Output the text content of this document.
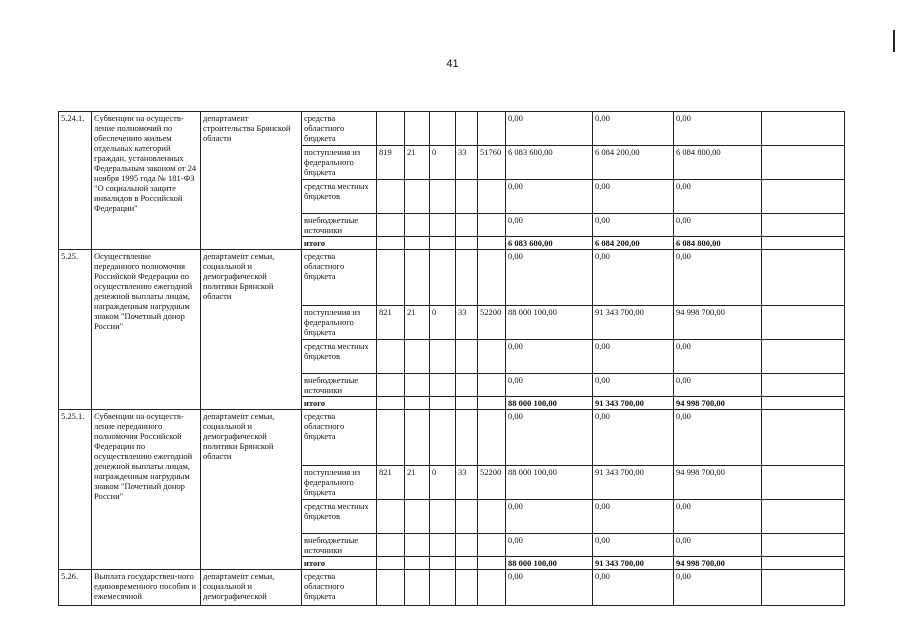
41
5.24.1.	Субвенции на осуществ-ление полномочий по обеспечению жильем отдельных категорий граждан, установленных Федеральным законом от 24 ноября 1995 года № 181-ФЗ "О социальной защите инвалидов в Российской Федерации"	департамент строительства Брянской области	средства областного бюджета						0,00	0,00	0,00	
			поступления из федерального бюджета	819	21	0	33	51760	6 083 600,00	6 084 200,00	6 084 800,00	
			средства местных бюджетов						0,00	0,00	0,00	
			внебюджетные источники						0,00	0,00	0,00	
			итого						6 083 600,00	6 084 200,00	6 084 800,00	
5.25.	Осуществление переданного полномочия Российской Федерации по осуществлению ежегодной денежной выплаты лицам, награжденным нагрудным знаком "Почетный донор России"	департамент семьи, социальной и демографической политики Брянской области	средства областного бюджета						0,00	0,00	0,00	
			поступления из федерального бюджета	821	21	0	33	52200	88 000 100,00	91 343 700,00	94 998 700,00	
			средства местных бюджетов						0,00	0,00	0,00	
			внебюджетные источники						0,00	0,00	0,00	
			итого						88 000 100,00	91 343 700,00	94 998 700,00	
5.25.1.	Субвенции на осуществ-ление переданного полномочия Российской Федерации по осуществлению ежегодной денежной выплаты лицам, награжденным нагрудным знаком "Почетный донор России"	департамент семьи, социальной и демографической политики Брянской области	средства областного бюджета						0,00	0,00	0,00	
			поступления из федерального бюджета	821	21	0	33	52200	88 000 100,00	91 343 700,00	94 998 700,00	
			средства местных бюджетов						0,00	0,00	0,00	
			внебюджетные источники						0,00	0,00	0,00	
			итого						88 000 100,00	91 343 700,00	94 998 700,00	
5.26.	Выплата государствен-ного единовременного пособия и ежемесячной	департамент семьи, социальной и демографической	средства областного бюджета						0,00	0,00	0,00	
